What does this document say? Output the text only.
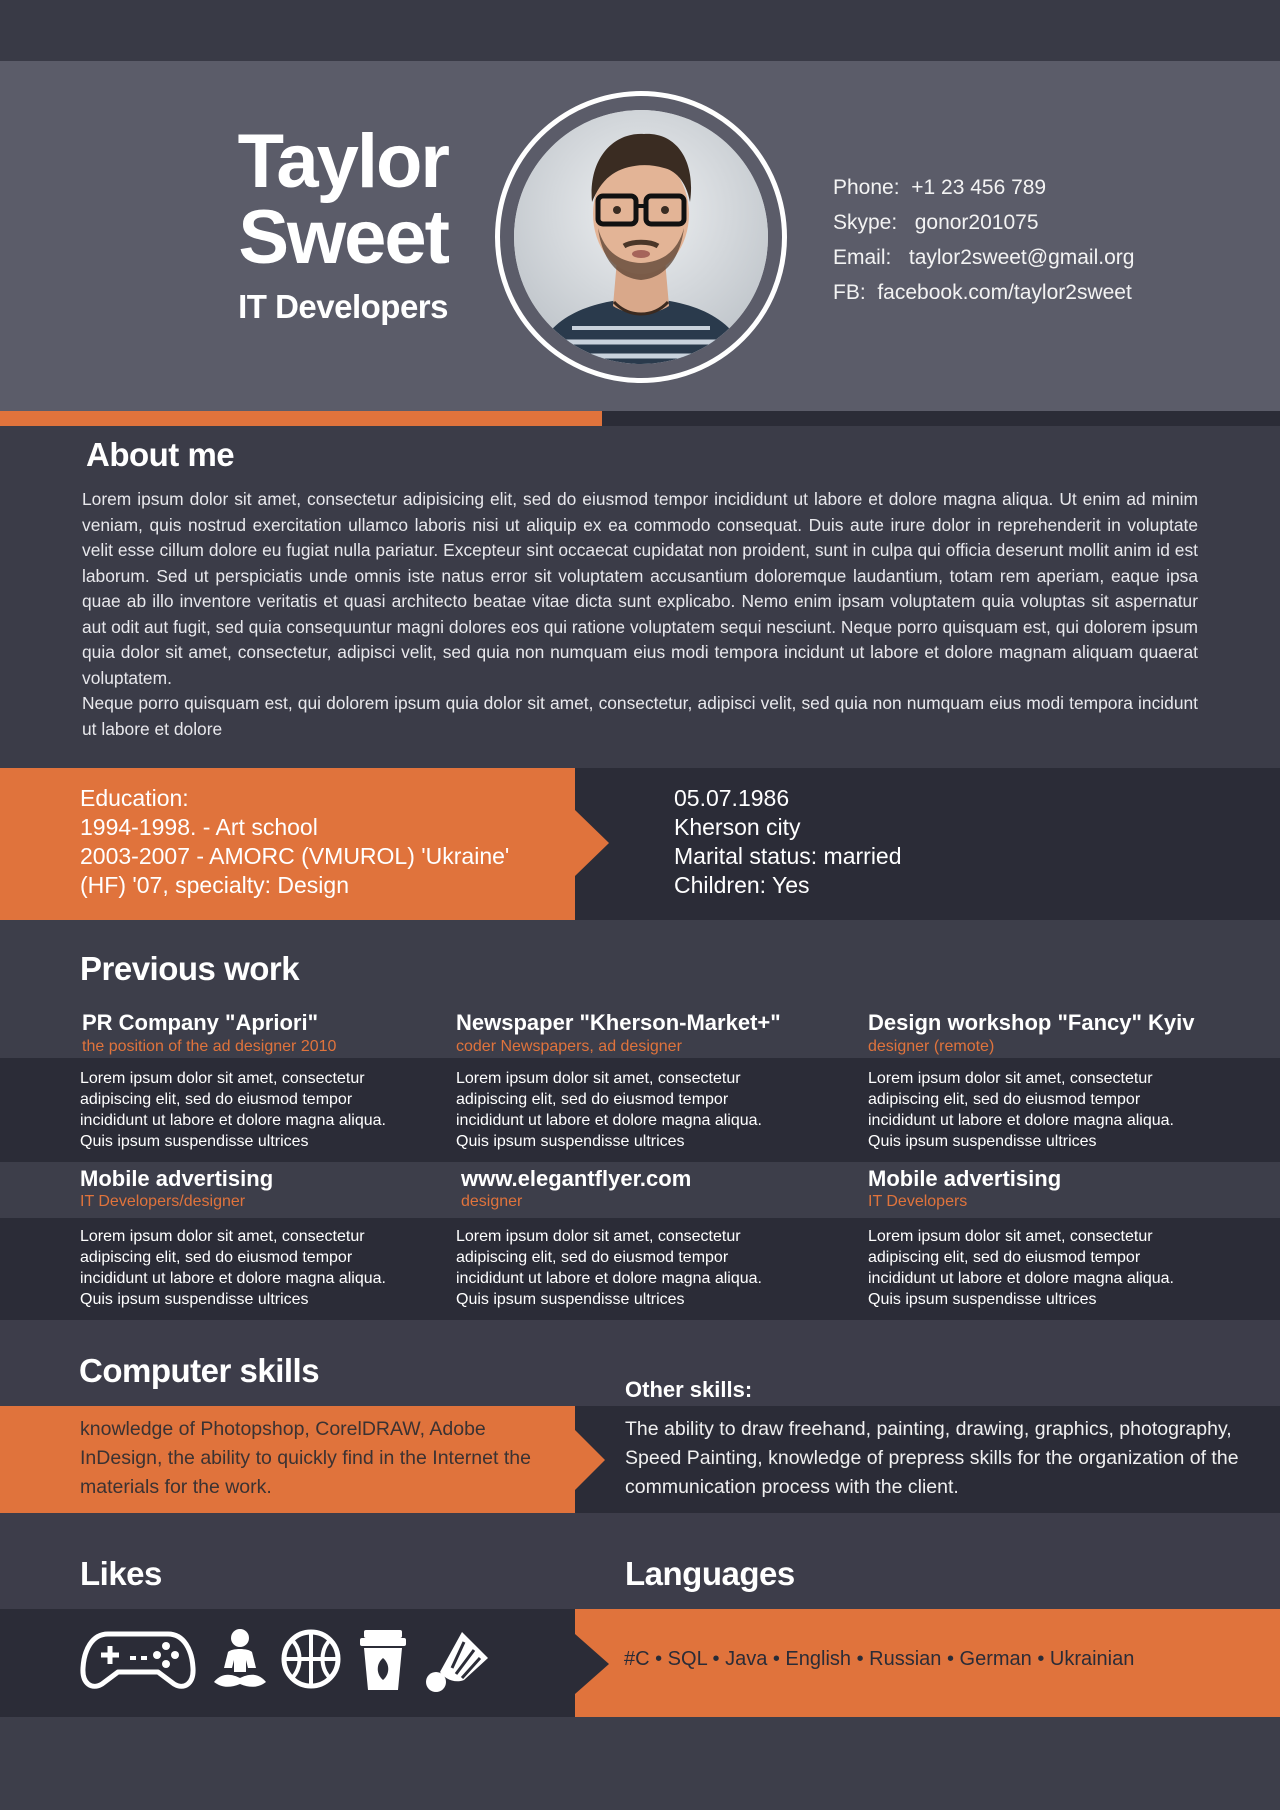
Taylor
Sweet
IT Developers
Phone: +1 23 456 789
Skype: gonor201075
Email: taylor2sweet@gmail.org
FB: facebook.com/taylor2sweet
About me

Lorem ipsum dolor sit amet, consectetur adipisicing elit, sed do eiusmod tempor incididunt ut labore et dolore magna aliqua. Ut enim ad minim veniam, quis nostrud exercitation ullamco laboris nisi ut aliquip ex ea commodo consequat. Duis aute irure dolor in reprehenderit in voluptate velit esse cillum dolore eu fugiat nulla pariatur. Excepteur sint occaecat cupidatat non proident, sunt in culpa qui officia deserunt mollit anim id est laborum. Sed ut perspiciatis unde omnis iste natus error sit voluptatem accusantium doloremque laudantium, totam rem aperiam, eaque ipsa quae ab illo inventore veritatis et quasi architecto beatae vitae dicta sunt explicabo. Nemo enim ipsam voluptatem quia voluptas sit aspernatur aut odit aut fugit, sed quia consequuntur magni dolores eos qui ratione voluptatem sequi nesciunt. Neque porro quisquam est, qui dolorem ipsum quia dolor sit amet, consectetur, adipisci velit, sed quia non numquam eius modi tempora incidunt ut labore et dolore magnam aliquam quaerat voluptatem.

Neque porro quisquam est, qui dolorem ipsum quia dolor sit amet, consectetur, adipisci velit, sed quia non numquam eius modi tempora incidunt ut labore et dolore

Education:
1994-1998. - Art school
2003-2007 - AMORC (VMUROL) 'Ukraine'
(HF) '07, specialty: Design
05.07.1986
Kherson city
Marital status: married
Children: Yes
Previous work
PR Company "Apriori"
the position of the ad designer 2010
Lorem ipsum dolor sit amet, consectetur adipiscing elit, sed do eiusmod tempor incididunt ut labore et dolore magna aliqua. Quis ipsum suspendisse ultrices
Newspaper "Kherson-Market+"
coder Newspapers, ad designer
Lorem ipsum dolor sit amet, consectetur adipiscing elit, sed do eiusmod tempor incididunt ut labore et dolore magna aliqua. Quis ipsum suspendisse ultrices
Design workshop "Fancy" Kyiv
designer (remote)
Lorem ipsum dolor sit amet, consectetur adipiscing elit, sed do eiusmod tempor incididunt ut labore et dolore magna aliqua. Quis ipsum suspendisse ultrices
Mobile advertising
IT Developers/designer
Lorem ipsum dolor sit amet, consectetur adipiscing elit, sed do eiusmod tempor incididunt ut labore et dolore magna aliqua. Quis ipsum suspendisse ultrices
www.elegantflyer.com
designer
Lorem ipsum dolor sit amet, consectetur adipiscing elit, sed do eiusmod tempor incididunt ut labore et dolore magna aliqua. Quis ipsum suspendisse ultrices
Mobile advertising
IT Developers
Lorem ipsum dolor sit amet, consectetur adipiscing elit, sed do eiusmod tempor incididunt ut labore et dolore magna aliqua. Quis ipsum suspendisse ultrices
Computer skills
knowledge of Photopshop, CorelDRAW, Adobe InDesign, the ability to quickly find in the Internet the materials for the work.
Other skills:
The ability to draw freehand, painting, drawing, graphics, photography, Speed Painting, knowledge of prepress skills for the organization of the communication process with the client.
Likes	Languages
#C • SQL • Java • English • Russian • German • Ukrainian
